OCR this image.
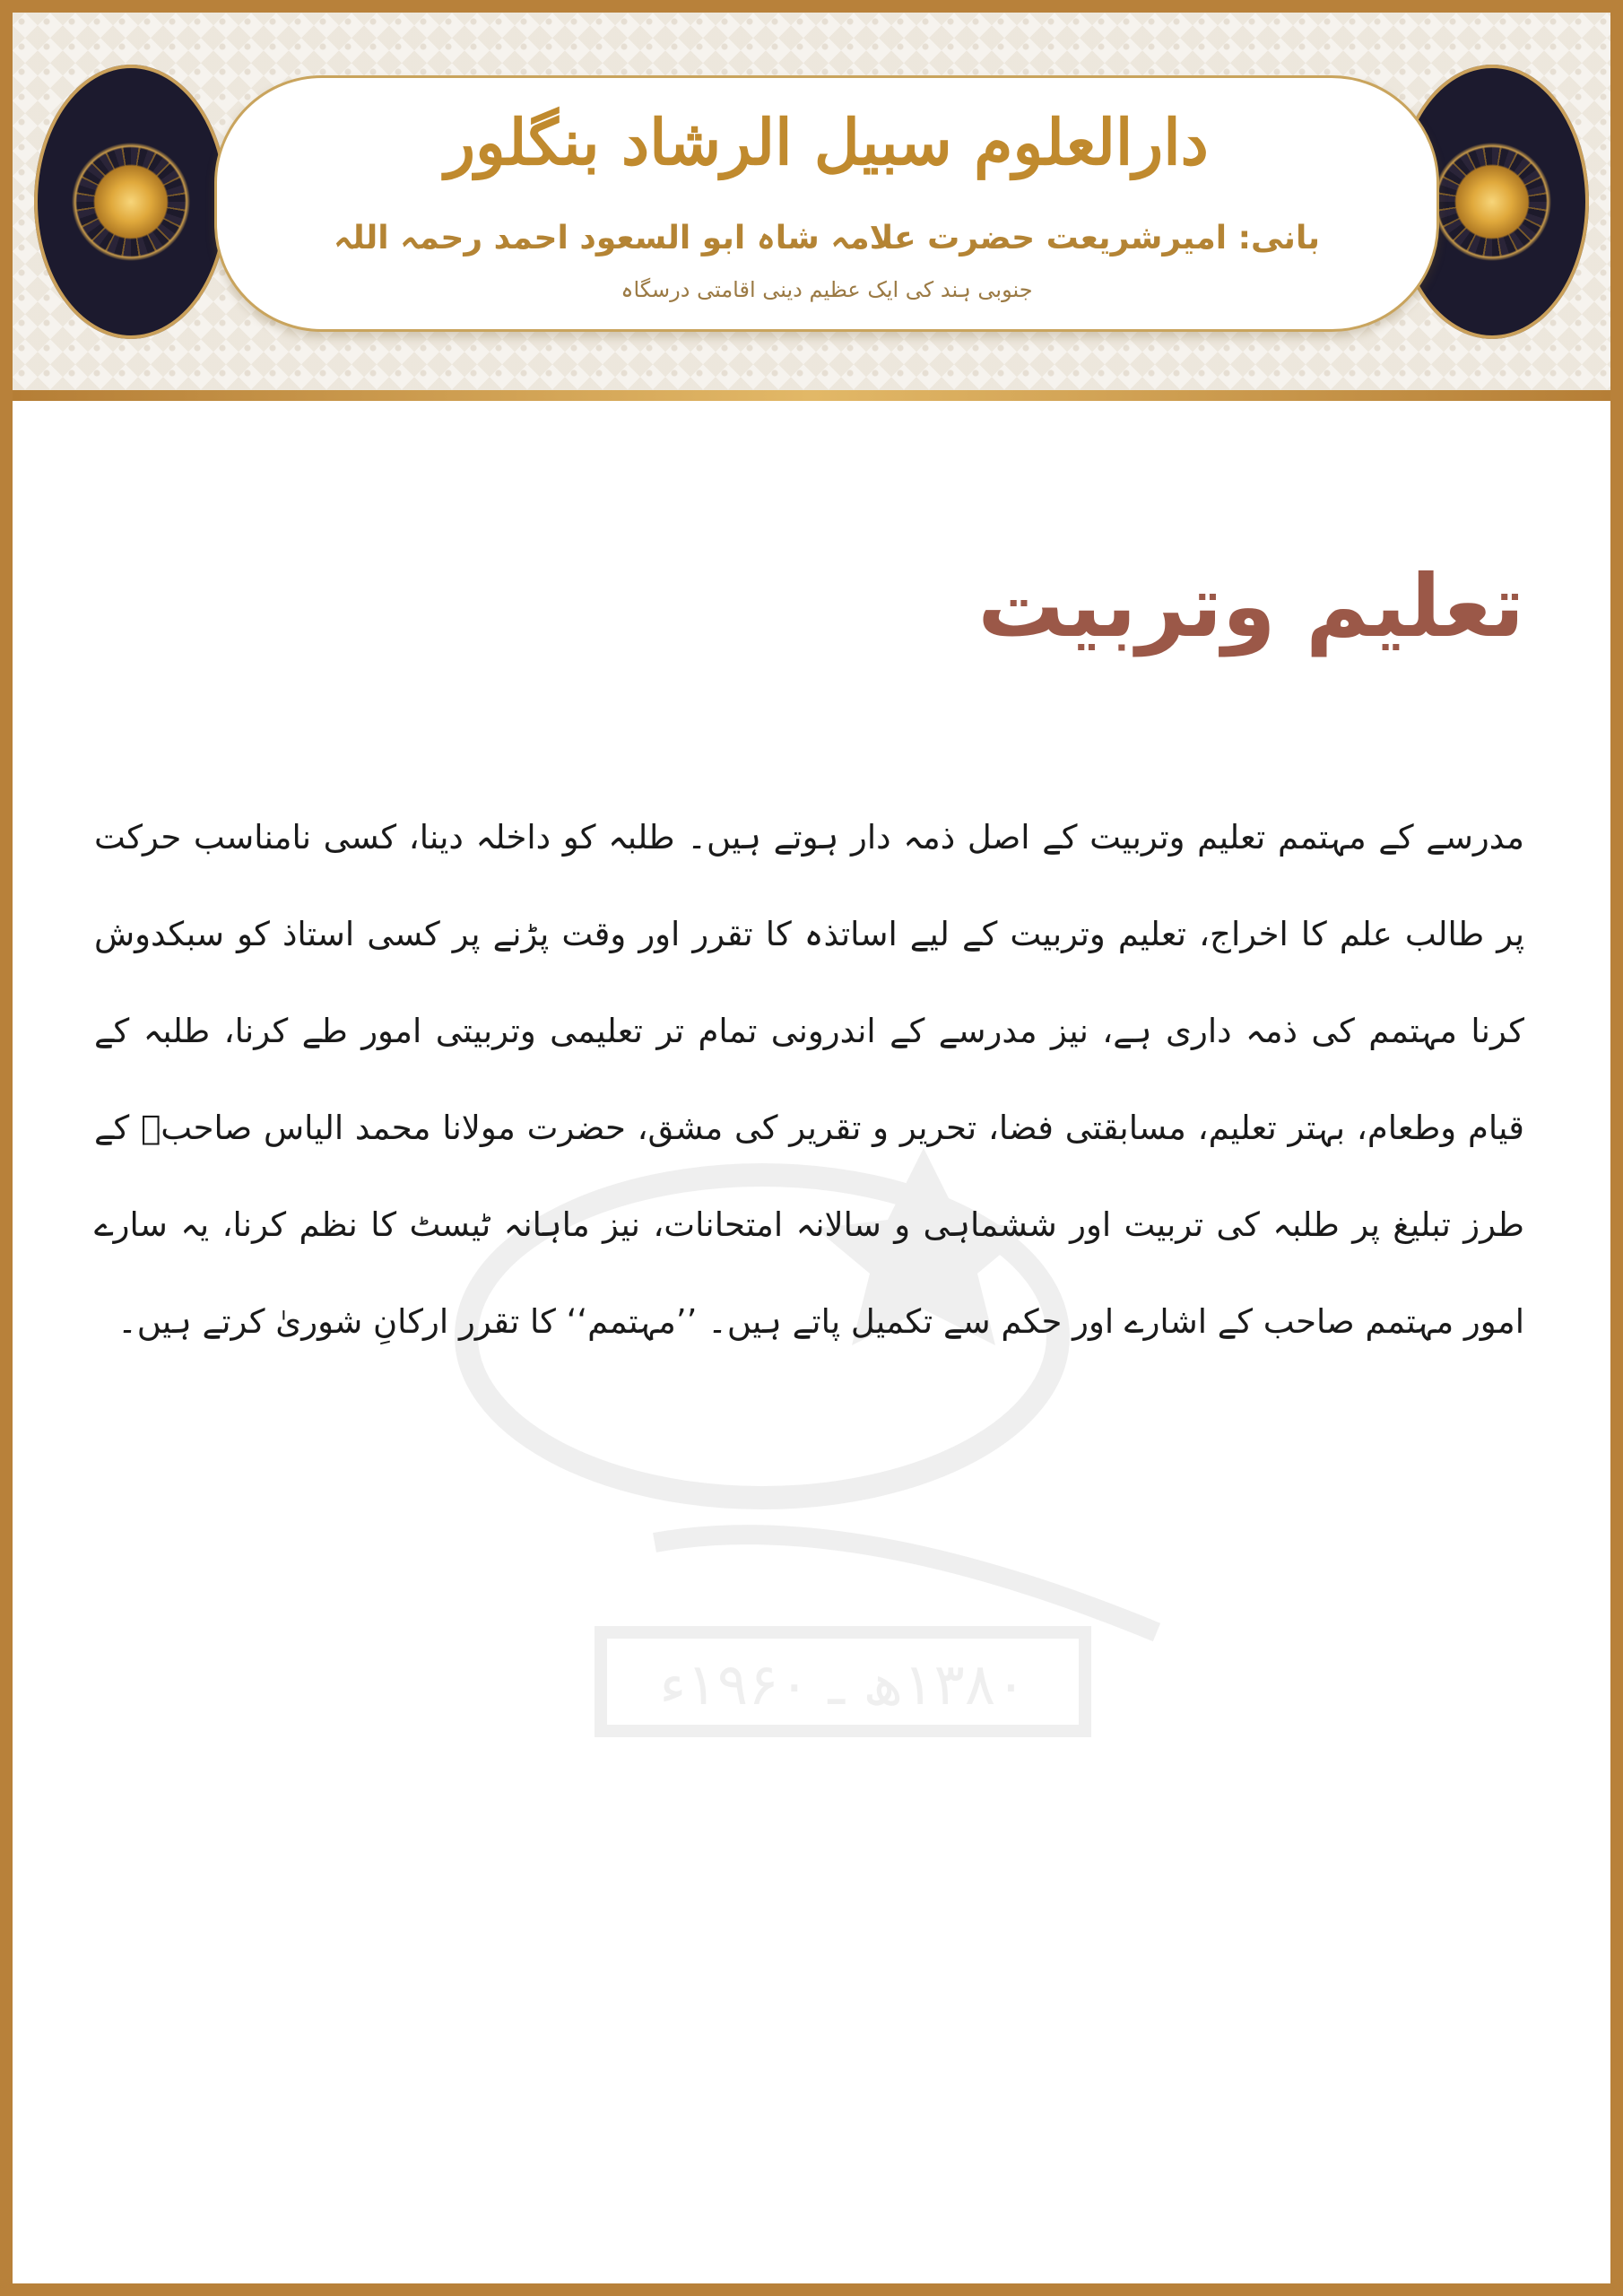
دارالعلوم سبیل الرشاد بنگلور

بانی: امیرشریعت حضرت علامہ شاہ ابو السعود احمد رحمہ اللہ

جنوبی ہند کی ایک عظیم دینی اقامتی درسگاہ

۱۳۸۰ھ ـ ۱۹۶۰ء
تعلیم وتربیت

مدرسے کے مہتمم تعلیم وتربیت کے اصل ذمہ دار ہوتے ہیں۔ طلبہ کو داخلہ دینا، کسی نامناسب حرکت پر طالب علم کا اخراج، تعلیم وتربیت کے لیے اساتذہ کا تقرر اور وقت پڑنے پر کسی استاذ کو سبکدوش کرنا مہتمم کی ذمہ داری ہے، نیز مدرسے کے اندرونی تمام تر تعلیمی وتربیتی امور طے کرنا، طلبہ کے قیام وطعام، بہتر تعلیم، مسابقتی فضا، تحریر و تقریر کی مشق، حضرت مولانا محمد الیاس صاحبؒ کے طرز تبلیغ پر طلبہ کی تربیت اور ششماہی و سالانہ امتحانات، نیز ماہانہ ٹیسٹ کا نظم کرنا، یہ سارے امور مہتمم صاحب کے اشارے اور حکم سے تکمیل پاتے ہیں۔ ’’مہتمم‘‘ کا تقرر ارکانِ شوریٰ کرتے ہیں۔
